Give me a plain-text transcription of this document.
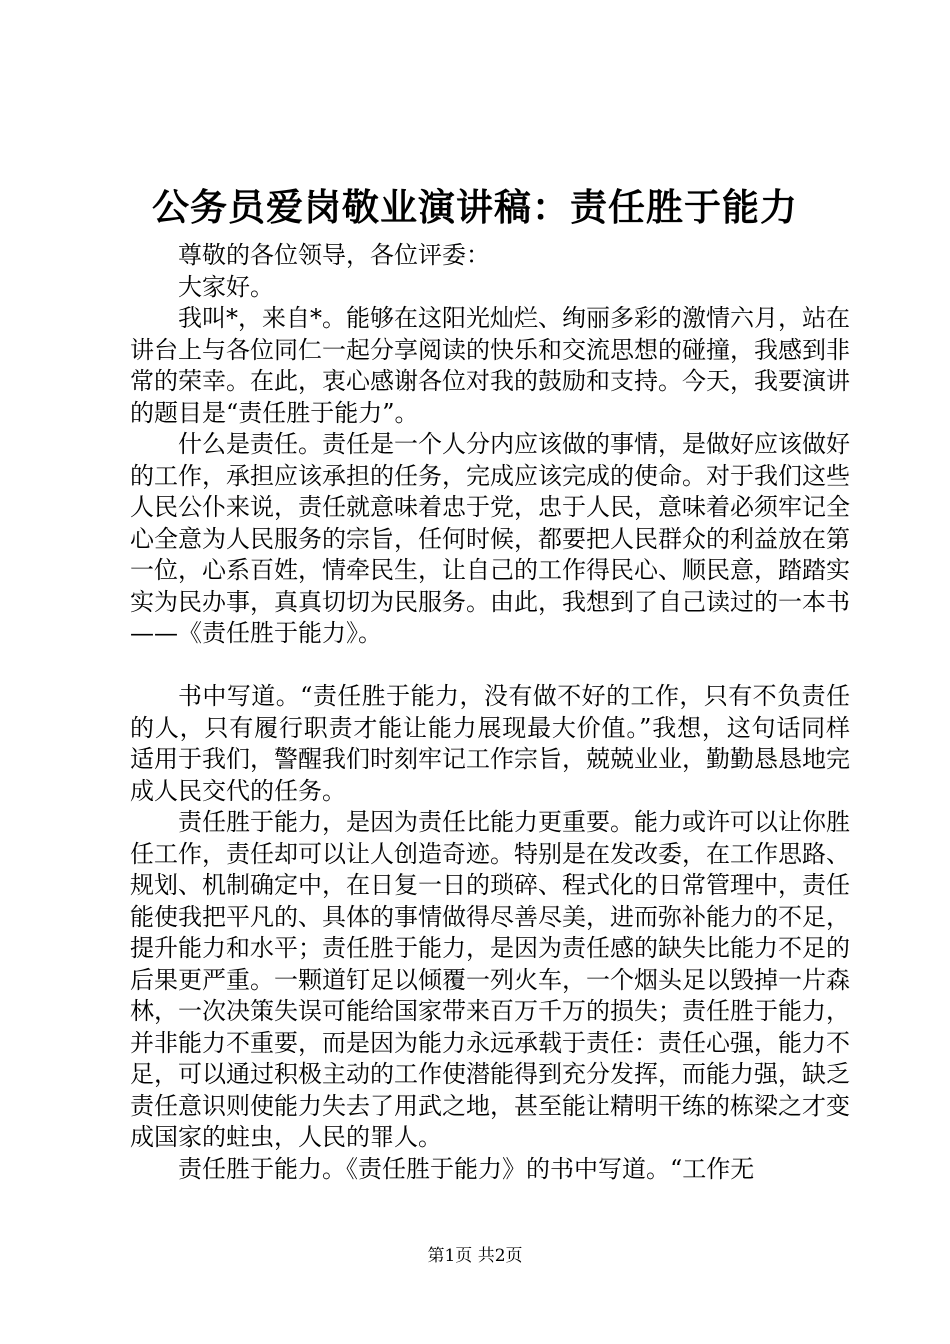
公务员爱岗敬业演讲稿：责任胜于能力

尊敬的各位领导，各位评委：

大家好。

我叫*，来自*。能够在这阳光灿烂、绚丽多彩的激情六月，站在讲台上与各位同仁一起分享阅读的快乐和交流思想的碰撞，我感到非常的荣幸。在此，衷心感谢各位对我的鼓励和支持。今天，我要演讲的题目是“责任胜于能力”。

什么是责任。责任是一个人分内应该做的事情，是做好应该做好的工作，承担应该承担的任务，完成应该完成的使命。对于我们这些人民公仆来说，责任就意味着忠于党，忠于人民，意味着必须牢记全心全意为人民服务的宗旨，任何时候，都要把人民群众的利益放在第一位，心系百姓，情牵民生，让自己的工作得民心、顺民意，踏踏实实为民办事，真真切切为民服务。由此，我想到了自己读过的一本书——《责任胜于能力》。

书中写道。“责任胜于能力，没有做不好的工作，只有不负责任的人，只有履行职责才能让能力展现最大价值。”我想，这句话同样适用于我们，警醒我们时刻牢记工作宗旨，兢兢业业，勤勤恳恳地完成人民交代的任务。

责任胜于能力，是因为责任比能力更重要。能力或许可以让你胜任工作，责任却可以让人创造奇迹。特别是在发改委，在工作思路、规划、机制确定中，在日复一日的琐碎、程式化的日常管理中，责任能使我把平凡的、具体的事情做得尽善尽美，进而弥补能力的不足，提升能力和水平；责任胜于能力，是因为责任感的缺失比能力不足的后果更严重。一颗道钉足以倾覆一列火车，一个烟头足以毁掉一片森林，一次决策失误可能给国家带来百万千万的损失；责任胜于能力，并非能力不重要，而是因为能力永远承载于责任：责任心强，能力不足，可以通过积极主动的工作使潜能得到充分发挥，而能力强，缺乏责任意识则使能力失去了用武之地，甚至能让精明干练的栋梁之才变成国家的蛀虫，人民的罪人。

责任胜于能力。《责任胜于能力》的书中写道。“工作无

第1页 共2页
